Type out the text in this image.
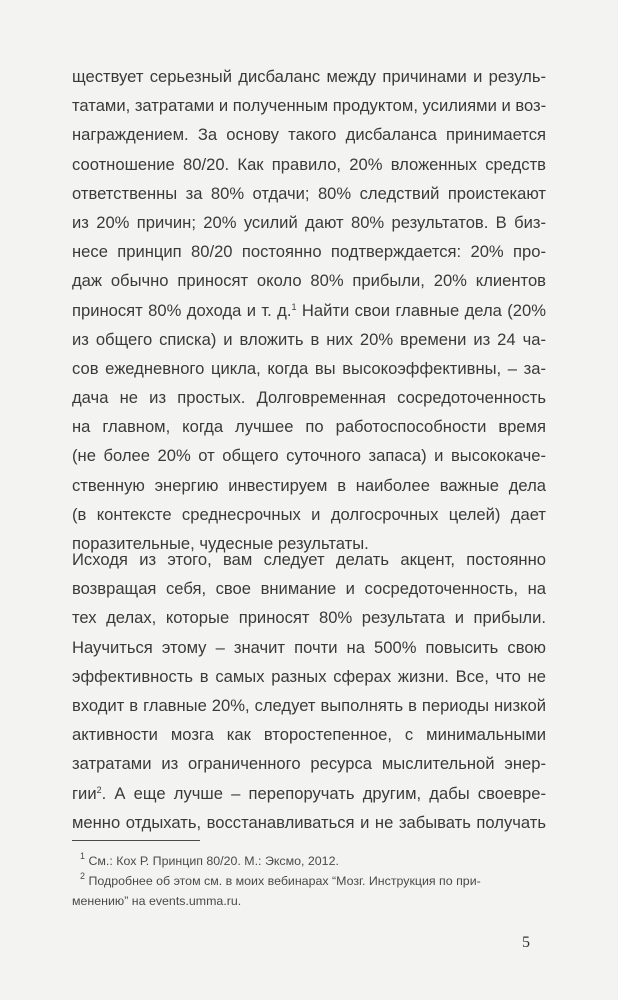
ществует серьезный дисбаланс между причинами и резуль-
татами, затратами и полученным продуктом, усилиями и воз-
награждением. За основу такого дисбаланса принимается
соотношение 80/20. Как правило, 20% вложенных средств
ответственны за 80% отдачи; 80% следствий проистекают
из 20% причин; 20% усилий дают 80% результатов. В биз-
несе принцип 80/20 постоянно подтверждается: 20% про-
даж обычно приносят около 80% прибыли, 20% клиентов
приносят 80% дохода и т. д.$^1$ Найти свои главные дела (20%
из общего списка) и вложить в них 20% времени из 24 ча-
сов ежедневного цикла, когда вы высокоэффективны, – за-
дача не из простых. Долговременная сосредоточенность
на главном, когда лучшее по работоспособности время
(не более 20% от общего суточного запаса) и высококаче-
ственную энергию инвестируем в наиболее важные дела
(в контексте среднесрочных и долгосрочных целей) дает
поразительные, чудесные результаты.
Исходя из этого, вам следует делать акцент, постоянно
возвращая себя, свое внимание и сосредоточенность, на
тех делах, которые приносят 80% результата и прибыли.
Научиться этому – значит почти на 500% повысить свою
эффективность в самых разных сферах жизни. Все, что не
входит в главные 20%, следует выполнять в периоды низкой
активности мозга как второстепенное, с минимальными
затратами из ограниченного ресурса мыслительной энер-
гии$^2$. А еще лучше – перепоручать другим, дабы своевре-
менно отдыхать, восстанавливаться и не забывать получать
$^1$ См.: Кох Р. Принцип 80/20. М.: Эксмо, 2012.
$^2$ Подробнее об этом см. в моих вебинарах “Мозг. Инструкция по при-
менению” на events.umma.ru.
5
